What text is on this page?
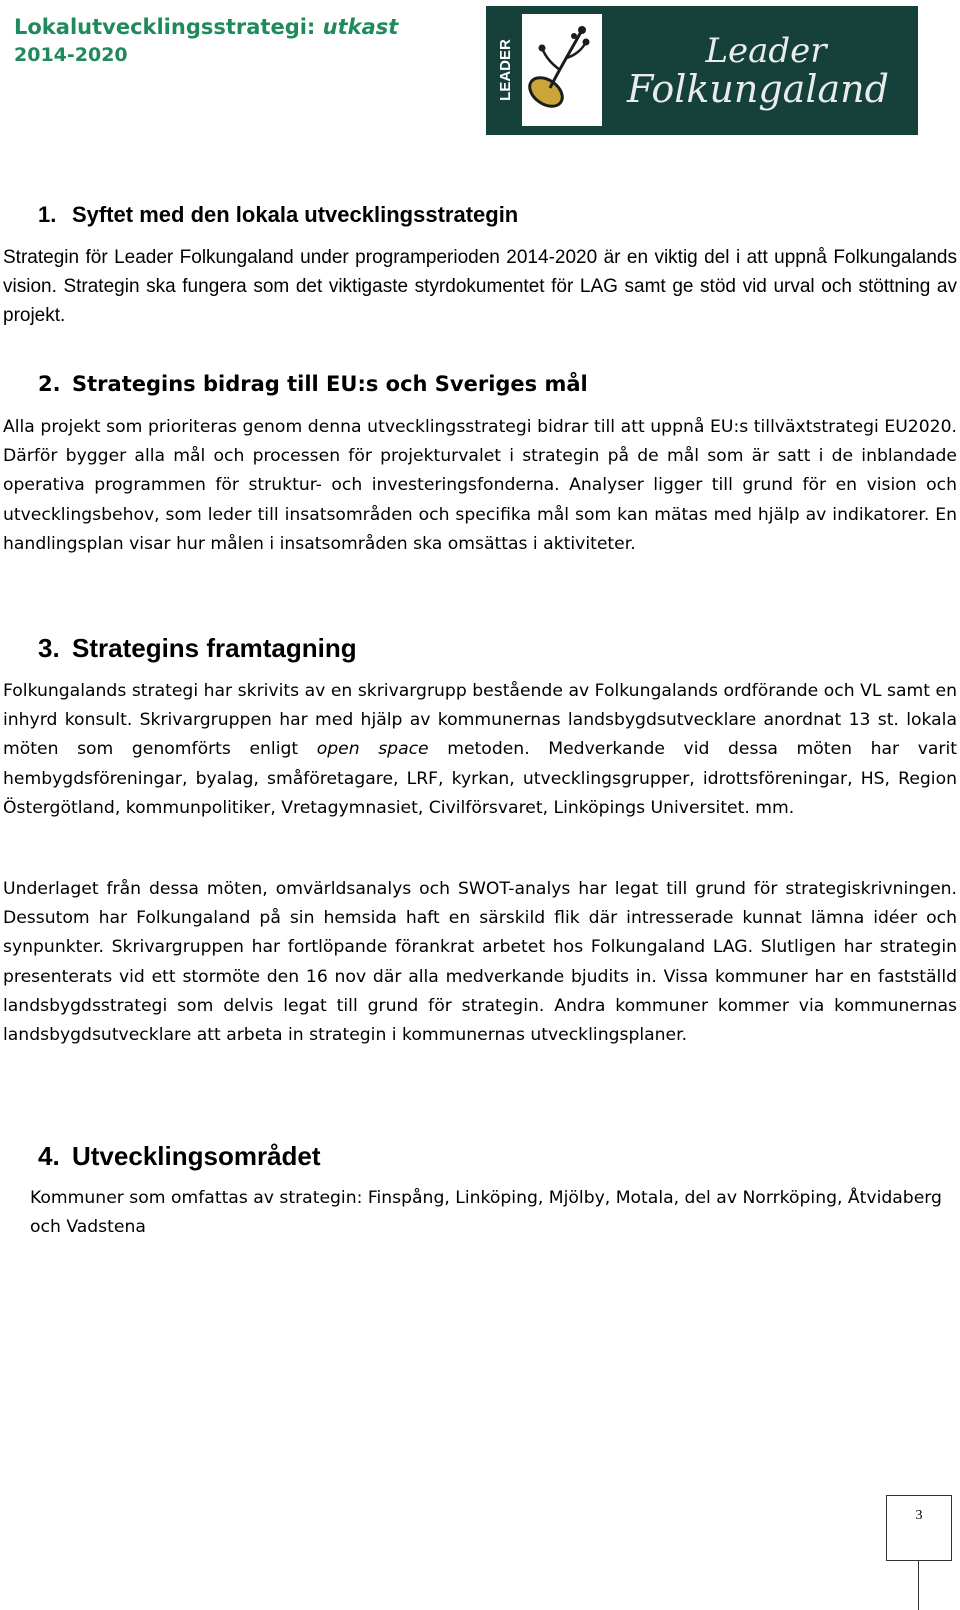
Lokalutvecklingsstrategi: utkast
2014-2020	LEADER	Leader
Folkungaland
1. Syftet med den lokala utvecklingsstrategin

Strategin för Leader Folkungaland under programperioden 2014-2020 är en viktig del i att uppnå Folkungalands vision. Strategin ska fungera som det viktigaste styrdokumentet för LAG samt ge stöd vid urval och stöttning av projekt.

2. Strategins bidrag till EU:s och Sveriges mål

Alla projekt som prioriteras genom denna utvecklingsstrategi bidrar till att uppnå EU:s tillväxtstrategi EU2020. Därför bygger alla mål och processen för projekturvalet i strategin på de mål som är satt i de inblandade operativa programmen för struktur- och investeringsfonderna. Analyser ligger till grund för en vision och utvecklingsbehov, som leder till insatsområden och specifika mål som kan mätas med hjälp av indikatorer. En handlingsplan visar hur målen i insatsområden ska omsättas i aktiviteter.

3. Strategins framtagning

Folkungalands strategi har skrivits av en skrivargrupp bestående av Folkungalands ordförande och VL samt en inhyrd konsult. Skrivargruppen har med hjälp av kommunernas landsbygdsutvecklare anordnat 13 st. lokala möten som genomförts enligt open space metoden. Medverkande vid dessa möten har varit hembygdsföreningar, byalag, småföretagare, LRF, kyrkan, utvecklingsgrupper, idrottsföreningar, HS, Region Östergötland, kommunpolitiker, Vretagymnasiet, Civilförsvaret, Linköpings Universitet. mm.

Underlaget från dessa möten, omvärldsanalys och SWOT-analys har legat till grund för strategiskrivningen. Dessutom har Folkungaland på sin hemsida haft en särskild flik där intresserade kunnat lämna idéer och synpunkter. Skrivargruppen har fortlöpande förankrat arbetet hos Folkungaland LAG. Slutligen har strategin presenterats vid ett stormöte den 16 nov där alla medverkande bjudits in. Vissa kommuner har en fastställd landsbygdsstrategi som delvis legat till grund för strategin. Andra kommuner kommer via kommunernas landsbygdsutvecklare att arbeta in strategin i kommunernas utvecklingsplaner.

4. Utvecklingsområdet

Kommuner som omfattas av strategin: Finspång, Linköping, Mjölby, Motala, del av Norrköping, Åtvidaberg och Vadstena

3
